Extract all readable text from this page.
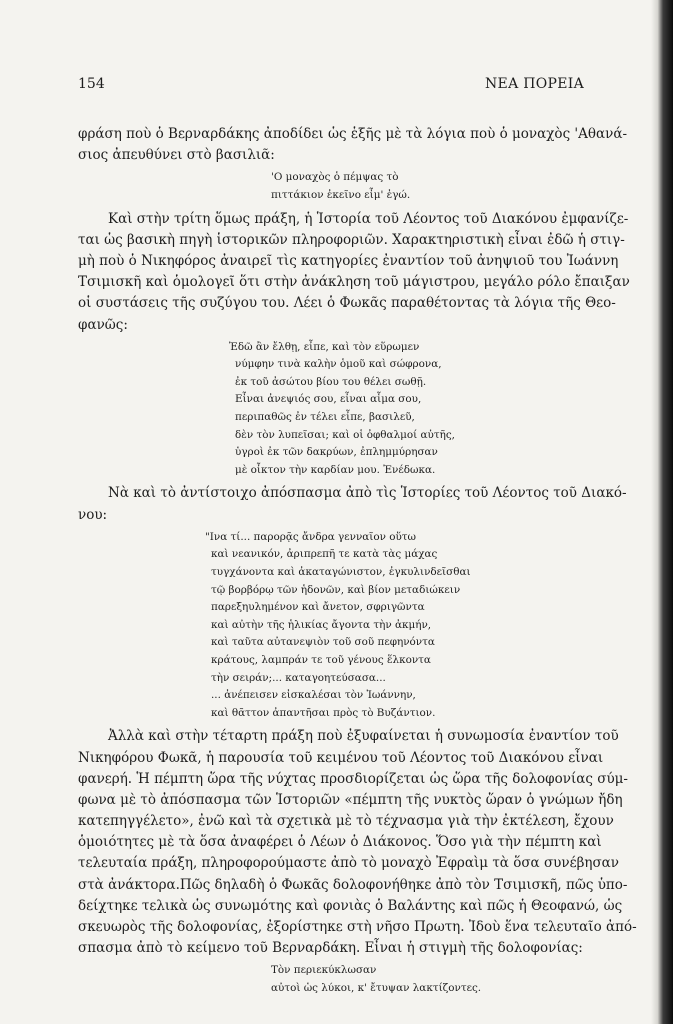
154	ΝΕΑ ΠΟΡΕΙΑ
φράση ποὺ ὁ Βερναρδάκης ἀποδίδει ὡς ἑξῆς μὲ τὰ λόγια ποὺ ὁ μοναχὸς 'Αθανά-
σιος ἀπευθύνει στὸ βασιλιᾶ:
'Ο μοναχὸς ὁ πέμψας τὸ
πιττάκιον ἐκεῖνο εἶμ' ἐγώ.
Καὶ στὴν τρίτη ὅμως πράξη, ἡ Ἱστορία τοῦ Λέοντος τοῦ Διακόνου ἐμφανίζε-
ται ὡς βασικὴ πηγὴ ἱστορικῶν πληροφοριῶν. Χαρακτηριστικὴ εἶναι ἐδῶ ἡ στιγ-
μὴ ποὺ ὁ Νικηφόρος ἀναιρεῖ τὶς κατηγορίες ἐναντίον τοῦ ἀνηψιοῦ του Ἰωάννη
Τσιμισκῆ καὶ ὁμολογεῖ ὅτι στὴν ἀνάκληση τοῦ μάγιστρου, μεγάλο ρόλο ἔπαιξαν
οἱ συστάσεις τῆς συζύγου του. Λέει ὁ Φωκᾶς παραθέτοντας τὰ λόγια τῆς Θεο-
φανῶς:
Ἐδῶ ἂν ἔλθῃ, εἶπε, καὶ τὸν εὕρωμεν
νύμφην τινὰ καλὴν ὁμοῦ καὶ σώφρονα,
ἐκ τοῦ ἀσώτου βίου του θέλει σωθῇ.
Εἶναι ἀνεψιός σου, εἶναι αἷμα σου,
περιπαθῶς ἐν τέλει εἶπε, βασιλεῦ,
δὲν τὸν λυπεῖσαι; καὶ οἱ ὀφθαλμοί αὐτῆς,
ὑγροὶ ἐκ τῶν δακρύων, ἐπλημμύρησαν
μὲ οἶκτον τὴν καρδίαν μου. Ἐνέδωκα.
Νὰ καὶ τὸ ἀντίστοιχο ἀπόσπασμα ἀπὸ τὶς Ἱστορίες τοῦ Λέοντος τοῦ Διακό-
νου:
"Ινα τί... παρορᾷς ἄνδρα γενναῖον οὕτω
καὶ νεανικόν, ἀριπρεπῆ τε κατὰ τὰς μάχας
τυγχάνοντα καὶ ἀκαταγώνιστον, ἐγκυλινδεῖσθαι
τῷ βορβόρῳ τῶν ἡδονῶν, καὶ βίον μεταδιώκειν
παρεξηυλημένον καὶ ἄνετον, σφριγῶντα
καὶ αὐτὴν τῆς ἡλικίας ἄγοντα τὴν ἀκμήν,
καὶ ταῦτα αὐτανεψιὸν τοῦ σοῦ πεφηνόντα
κράτους, λαμπράν τε τοῦ γένους ἕλκοντα
τὴν σειράν;... καταγοητεύσασα...
... ἀνέπεισεν εἰσκαλέσαι τὸν Ἰωάννην,
καὶ θᾶττον ἀπαντῆσαι πρὸς τὸ Βυζάντιον.
Ἀλλὰ καὶ στὴν τέταρτη πράξη ποὺ ἐξυφαίνεται ἡ συνωμοσία ἐναντίον τοῦ
Νικηφόρου Φωκᾶ, ἡ παρουσία τοῦ κειμένου τοῦ Λέοντος τοῦ Διακόνου εἶναι
φανερή. Ἡ πέμπτη ὥρα τῆς νύχτας προσδιορίζεται ὡς ὥρα τῆς δολοφονίας σύμ-
φωνα μὲ τὸ ἀπόσπασμα τῶν Ἱστοριῶν «πέμπτη τῆς νυκτὸς ὥραν ὁ γνώμων ἤδη
κατεπηγγέλετο», ἐνῶ καὶ τὰ σχετικὰ μὲ τὸ τέχνασμα γιὰ τὴν ἐκτέλεση, ἔχουν
ὁμοιότητες μὲ τὰ ὅσα ἀναφέρει ὁ Λέων ὁ Διάκονος. Ὅσο γιὰ τὴν πέμπτη καὶ
τελευταία πράξη, πληροφορούμαστε ἀπὸ τὸ μοναχὸ Ἐφραὶμ τὰ ὅσα συνέβησαν
στὰ ἀνάκτορα.Πῶς δηλαδὴ ὁ Φωκᾶς δολοφονήθηκε ἀπὸ τὸν Τσιμισκῆ, πῶς ὑπο-
δείχτηκε τελικὰ ὡς συνωμότης καὶ φονιὰς ὁ Βαλάντης καὶ πῶς ἡ Θεοφανώ, ὡς
σκευωρὸς τῆς δολοφονίας, ἐξορίστηκε στὴ νῆσο Πρωτη. Ἰδοὺ ἕνα τελευταῖο ἀπό-
σπασμα ἀπὸ τὸ κείμενο τοῦ Βερναρδάκη. Εἶναι ἡ στιγμὴ τῆς δολοφονίας:
Τὸν περιεκύκλωσαν
αὐτοὶ ὡς λύκοι, κ' ἔτυψαν λακτίζοντες.
